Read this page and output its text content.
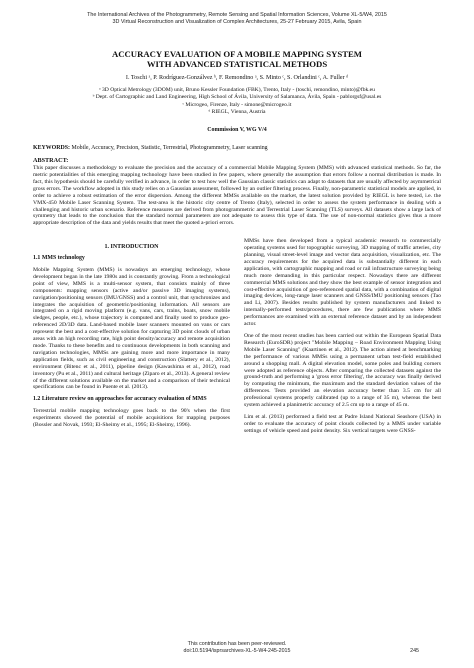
The International Archives of the Photogrammetry, Remote Sensing and Spatial Information Sciences, Volume XL-5/W4, 2015
3D Virtual Reconstruction and Visualization of Complex Architectures, 25-27 February 2015, Avila, Spain
ACCURACY EVALUATION OF A MOBILE MAPPING SYSTEM
WITH ADVANCED STATISTICAL METHODS
I. Toschi ᵃ, P. Rodríguez-Gonzálvez ᵇ, F. Remondino ᵃ, S. Minto ᶜ, S. Orlandini ᶜ, A. Fuller ᵈ
ᵃ 3D Optical Metrology (3DOM) unit, Bruno Kessler Foundation (FBK), Trento, Italy - (toschi, remondino, minto)@fbk.eu
ᵇ Dept. of Cartographic and Land Engineering, High School of Ávila, University of Salamanca, Ávila, Spain - pablorgsf@usal.es
ᶜ Microgeo, Firenze, Italy - simone@microgeo.it
ᵈ RIEGL, Vienna, Austria
Commission V, WG V/4
KEYWORDS: Mobile, Accuracy, Precision, Statistic, Terrestrial, Photogrammetry, Laser scanning
ABSTRACT:
This paper discusses a methodology to evaluate the precision and the accuracy of a commercial Mobile Mapping System (MMS) with advanced statistical methods. So far, the metric potentialities of this emerging mapping technology have been studied in few papers, where generally the assumption that errors follow a normal distribution is made. In fact, this hypothesis should be carefully verified in advance, in order to test how well the Gaussian classic statistics can adapt to datasets that are usually affected by asymmetrical gross errors. The workflow adopted in this study relies on a Gaussian assessment, followed by an outlier filtering process. Finally, non-parametric statistical models are applied, in order to achieve a robust estimation of the error dispersion. Among the different MMSs available on the market, the latest solution provided by RIEGL is here tested, i.e. the VMX-450 Mobile Laser Scanning System. The test-area is the historic city centre of Trento (Italy), selected in order to assess the system performance in dealing with a challenging and historic urban scenario. Reference measures are derived from photogrammetric and Terrestrial Laser Scanning (TLS) surveys. All datasets show a large lack of symmetry that leads to the conclusion that the standard normal parameters are not adequate to assess this type of data. The use of non-normal statistics gives thus a more appropriate description of the data and yields results that meet the quoted a-priori errors.
1. INTRODUCTION
1.1 MMS technology

Mobile Mapping System (MMS) is nowadays an emerging technology, whose development began in the late 1980s and is constantly growing. From a technological point of view, MMS is a multi-sensor system, that consists mainly of three components: mapping sensors (active and/or passive 3D imaging systems), navigation/positioning sensors (IMU/GNSS) and a control unit, that synchronizes and integrates the acquisition of geometric/positioning information. All sensors are integrated on a rigid moving platform (e.g. vans, cars, trains, boats, snow mobile sledges, people, etc.), whose trajectory is computed and finally used to produce geo-referenced 2D/3D data. Land-based mobile laser scanners mounted on vans or cars represent the best and a cost-effective solution for capturing 3D point clouds of urban areas with an high recording rate, high point density/accuracy and remote acquisition mode. Thanks to these benefits and to continuous developments in both scanning and navigation technologies, MMSs are gaining more and more importance in many application fields, such as civil engineering and construction (Slattery et al., 2012), environment (Bitenc et al., 2011), pipeline design (Kawashima et al., 2012), road inventory (Pu et al., 2011) and cultural heritage (Ziparo et al., 2013). A general review of the different solutions available on the market and a comparison of their technical specifications can be found in Puente et al. (2013).

1.2 Literature review on approaches for accuracy evaluation of MMS

Terrestrial mobile mapping technology goes back to the 90's when the first experiments showed the potential of mobile acquisitions for mapping purposes (Bossler and Novak, 1993; El-Sheimy et al., 1995; El-Sheimy, 1996).

MMSs have then developed from a typical academic research to commercially operating systems used for topographic surveying, 3D mapping of traffic arteries, city planning, visual street-level image and vector data acquisition, visualization, etc. The accuracy requirements for the acquired data is substantially different in each application, with cartographic mapping and road or rail infrastructure surveying being much more demanding in this particular respect. Nowadays there are different commercial MMS solutions and they show the best example of sensor integration and cost-effective acquisition of geo-referenced spatial data, with a combination of digital imaging devices, long-range laser scanners and GNSS/IMU positioning sensors (Tao and Li, 2007). Besides results published by system manufacturers and linked to internally-performed tests/procedures, there are few publications where MMS performances are examined with an external reference dataset and by an independent actor.

One of the most recent studies has been carried out within the European Spatial Data Research (EuroSDR) project "Mobile Mapping – Road Environment Mapping Using Mobile Laser Scanning" (Kaartinen et al., 2012). The action aimed at benchmarking the performance of various MMSs using a permanent urban test-field established around a shopping mall. A digital elevation model, some poles and building corners were adopted as reference objects. After comparing the collected datasets against the ground-truth and performing a 'gross error filtering', the accuracy was finally derived by computing the minimum, the maximum and the standard deviation values of the differences. Tests provided an elevation accuracy better than 3.5 cm for all professional systems properly calibrated (up to a range of 35 m), whereas the best system achieved a planimetric accuracy of 2.5 cm up to a range of 45 m.

Lim et al. (2013) performed a field test at Padre Island National Seashore (USA) in order to evaluate the accuracy of point clouds collected by a MMS under variable settings of vehicle speed and point density. Six vertical targets were GNSS-

This contribution has been peer-reviewed.
doi:10.5194/isprsarchives-XL-5-W4-245-2015	245
